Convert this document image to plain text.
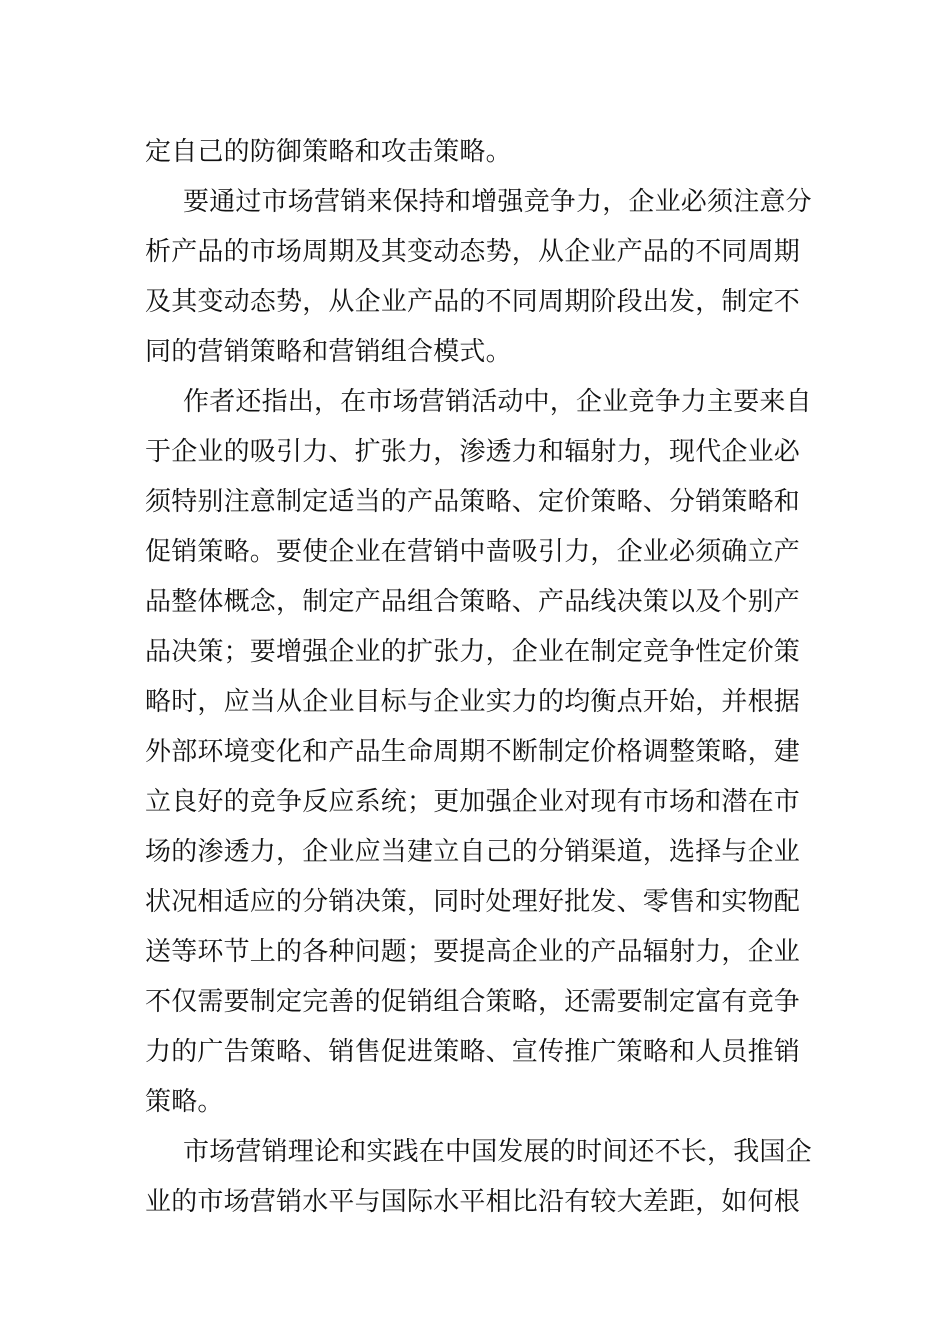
定自己的防御策略和攻击策略。
要通过市场营销来保持和增强竞争力，企业必须注意分
析产品的市场周期及其变动态势，从企业产品的不同周期
及其变动态势，从企业产品的不同周期阶段出发，制定不
同的营销策略和营销组合模式。
作者还指出，在市场营销活动中，企业竞争力主要来自
于企业的吸引力、扩张力，渗透力和辐射力，现代企业必
须特别注意制定适当的产品策略、定价策略、分销策略和
促销策略。要使企业在营销中啬吸引力，企业必须确立产
品整体概念，制定产品组合策略、产品线决策以及个别产
品决策；要增强企业的扩张力，企业在制定竞争性定价策
略时，应当从企业目标与企业实力的均衡点开始，并根据
外部环境变化和产品生命周期不断制定价格调整策略，建
立良好的竞争反应系统；更加强企业对现有市场和潜在市
场的渗透力，企业应当建立自己的分销渠道，选择与企业
状况相适应的分销决策，同时处理好批发、零售和实物配
送等环节上的各种问题；要提高企业的产品辐射力，企业
不仅需要制定完善的促销组合策略，还需要制定富有竞争
力的广告策略、销售促进策略、宣传推广策略和人员推销
策略。
市场营销理论和实践在中国发展的时间还不长，我国企
业的市场营销水平与国际水平相比沿有较大差距，如何根
